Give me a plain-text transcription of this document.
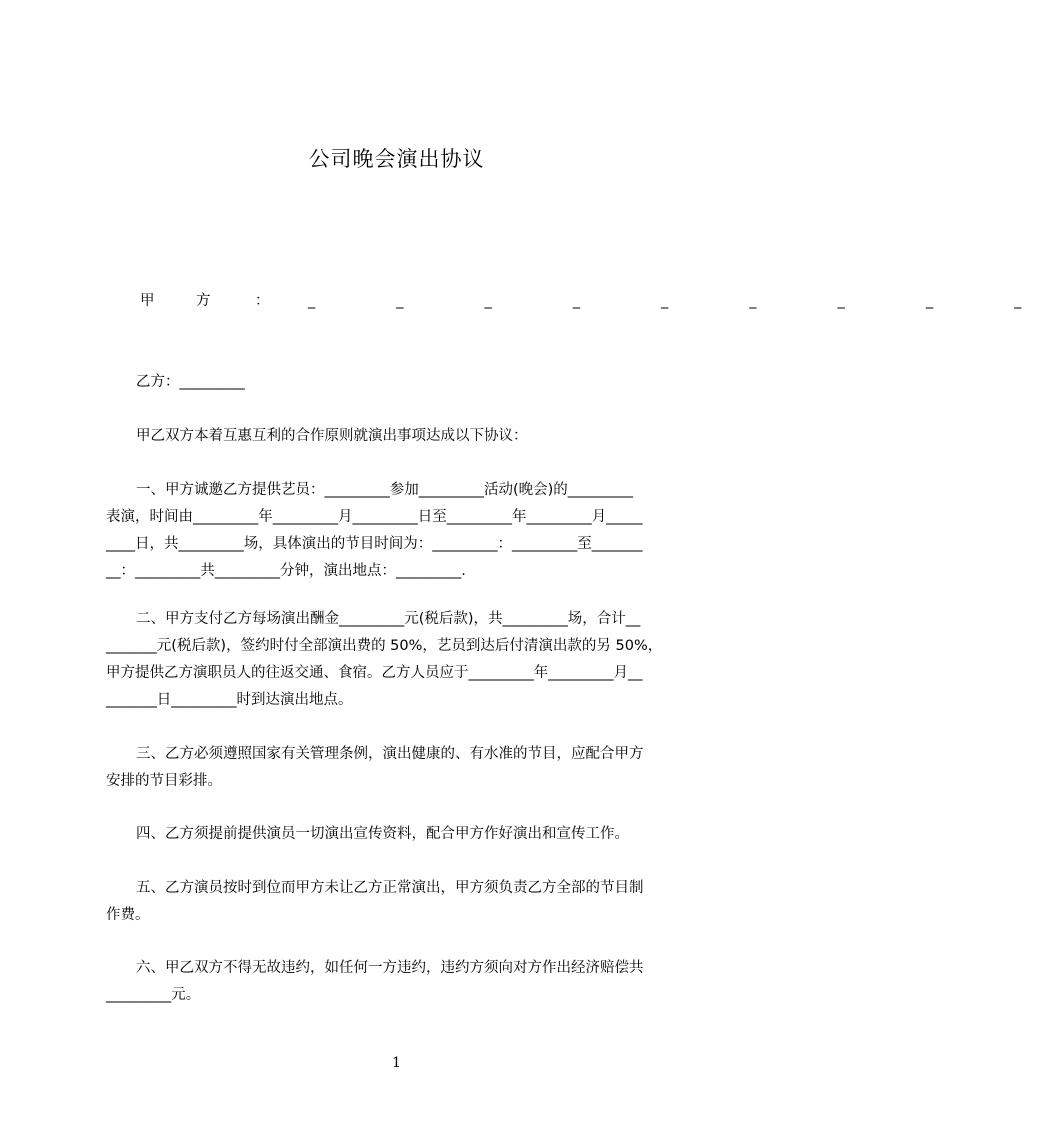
公司晚会演出协议
甲	方	：	_ _ _ _ _ _ _ _ _
乙方：_________
甲乙双方本着互惠互利的合作原则就演出事项达成以下协议：
一、甲方诚邀乙方提供艺员：_________参加_________活动(晚会)的_________
表演，时间由_________年_________月_________日至_________年_________月_____
____日，共_________场，具体演出的节目时间为：_________：_________至_______
__：_________共_________分钟，演出地点：_________.
二、甲方支付乙方每场演出酬金_________元(税后款)，共_________场，合计__
_______元(税后款)，签约时付全部演出费的 50%，艺员到达后付清演出款的另 50%，
甲方提供乙方演职员人的往返交通、食宿。乙方人员应于_________年_________月__
_______日_________时到达演出地点。
三、乙方必须遵照国家有关管理条例，演出健康的、有水准的节目，应配合甲方
安排的节目彩排。
四、乙方须提前提供演员一切演出宣传资料，配合甲方作好演出和宣传工作。
五、乙方演员按时到位而甲方未让乙方正常演出，甲方须负责乙方全部的节目制
作费。
六、甲乙双方不得无故违约，如任何一方违约，违约方须向对方作出经济赔偿共
_________元。
1
